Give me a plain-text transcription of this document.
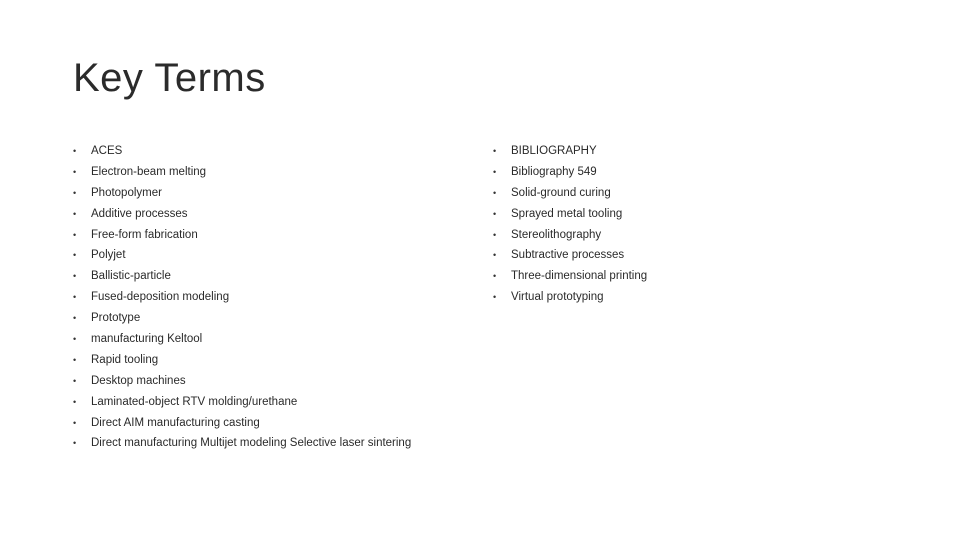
Key Terms
• ACES
• Electron-beam melting
• Photopolymer
• Additive processes
• Free-form fabrication
• Polyjet
• Ballistic-particle
• Fused-deposition modeling
• Prototype
• manufacturing Keltool
• Rapid tooling
• Desktop machines
• Laminated-object RTV molding/urethane
• Direct AIM manufacturing casting
• Direct manufacturing Multijet modeling Selective laser sintering
• BIBLIOGRAPHY
• Bibliography 549
• Solid-ground curing
• Sprayed metal tooling
• Stereolithography
• Subtractive processes
• Three-dimensional printing
• Virtual prototyping
